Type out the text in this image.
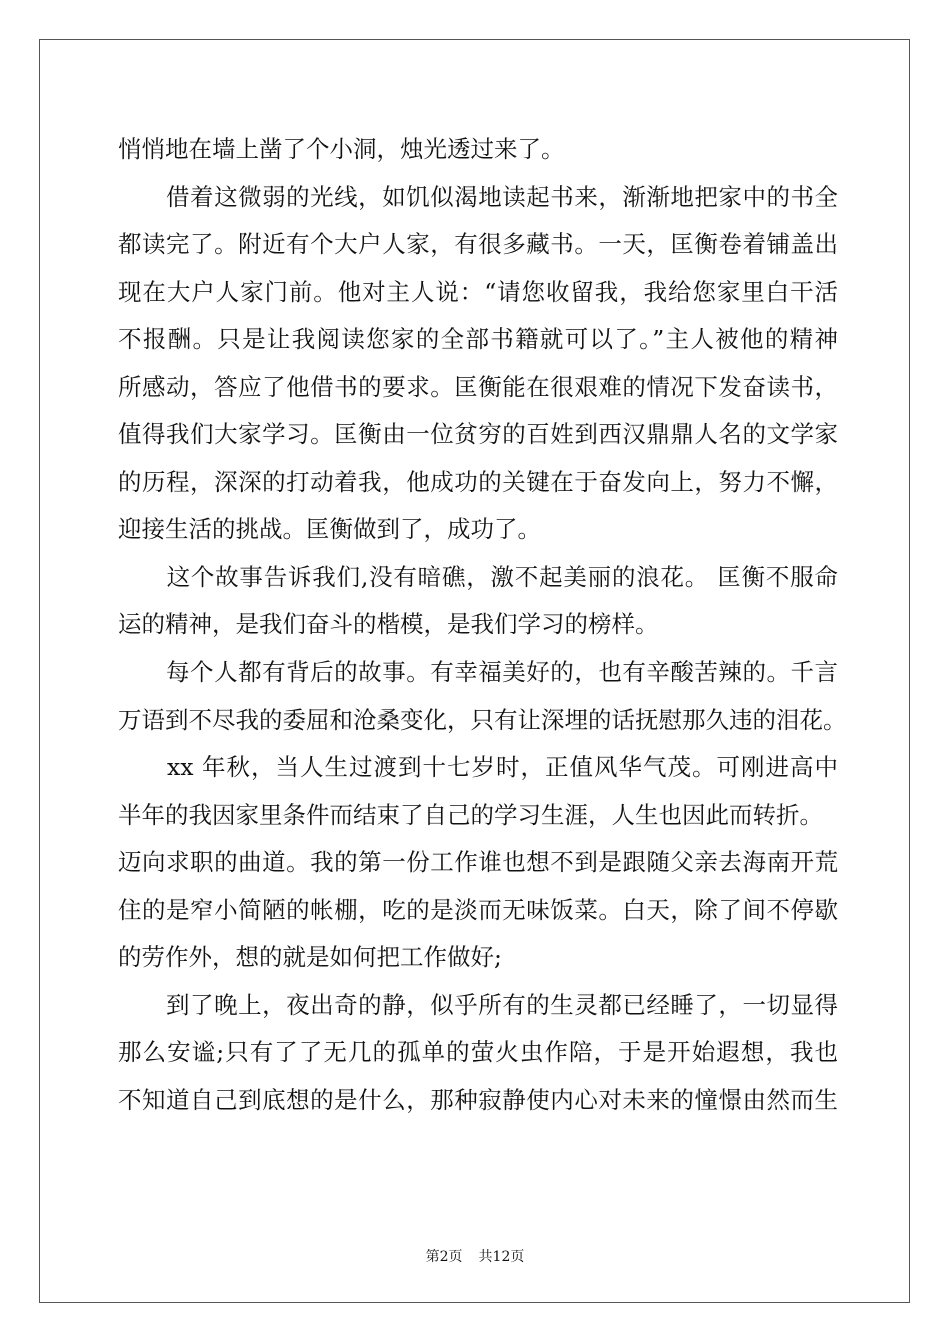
悄悄地在墙上凿了个小洞，烛光透过来了。
　　借着这微弱的光线，如饥似渴地读起书来，渐渐地把家中的书全
都读完了。附近有个大户人家，有很多藏书。一天，匡衡卷着铺盖出
现在大户人家门前。他对主人说：“请您收留我，我给您家里白干活
不报酬。只是让我阅读您家的全部书籍就可以了。”主人被他的精神
所感动，答应了他借书的要求。匡衡能在很艰难的情况下发奋读书，
值得我们大家学习。匡衡由一位贫穷的百姓到西汉鼎鼎人名的文学家
的历程，深深的打动着我，他成功的关键在于奋发向上，努力不懈，
迎接生活的挑战。匡衡做到了，成功了。
　　这个故事告诉我们,没有暗礁，激不起美丽的浪花。 匡衡不服命
运的精神，是我们奋斗的楷模，是我们学习的榜样。
　　每个人都有背后的故事。有幸福美好的，也有辛酸苦辣的。千言
万语到不尽我的委屈和沧桑变化，只有让深埋的话抚慰那久违的泪花。
　　xx 年秋，当人生过渡到十七岁时，正值风华气茂。可刚进高中
半年的我因家里条件而结束了自己的学习生涯，人生也因此而转折。
迈向求职的曲道。我的第一份工作谁也想不到是跟随父亲去海南开荒
住的是窄小简陋的帐棚，吃的是淡而无味饭菜。白天，除了间不停歇
的劳作外，想的就是如何把工作做好;
　　到了晚上，夜出奇的静，似乎所有的生灵都已经睡了，一切显得
那么安谧;只有了了无几的孤单的萤火虫作陪，于是开始遐想，我也
不知道自己到底想的是什么，那种寂静使内心对未来的憧憬由然而生
第2页 共12页
